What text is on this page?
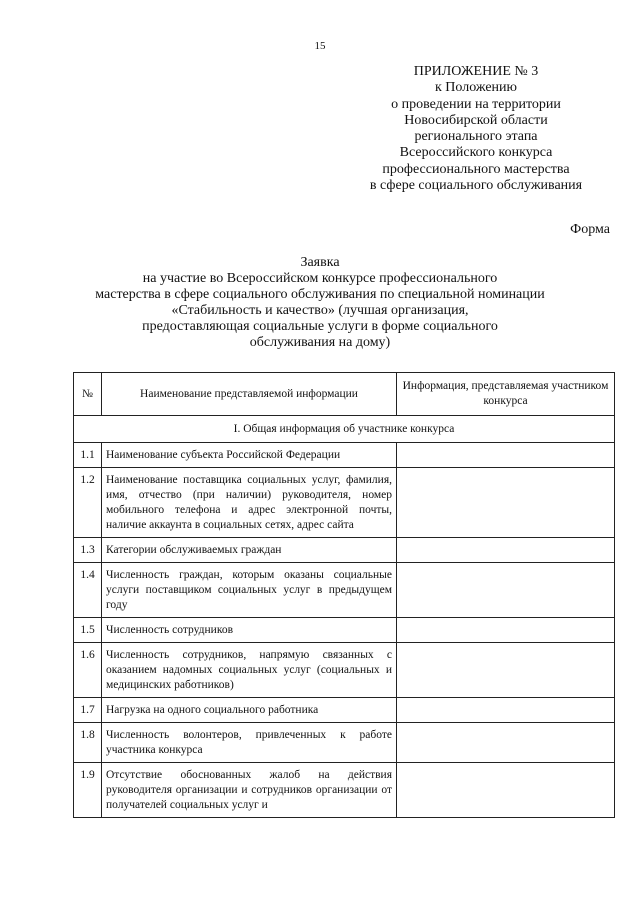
15
ПРИЛОЖЕНИЕ № 3
к Положению
о проведении на территории
Новосибирской области
регионального этапа
Всероссийского конкурса
профессионального мастерства
в сфере социального обслуживания
Форма
Заявка
на участие во Всероссийском конкурсе профессионального
мастерства в сфере социального обслуживания по специальной номинации
«Стабильность и качество» (лучшая организация,
предоставляющая социальные услуги в форме социального
обслуживания на дому)
№	Наименование представляемой информации	Информация, представляемая участником конкурса
I. Общая информация об участнике конкурса		
1.1	Наименование субъекта Российской Федерации	
1.2	Наименование поставщика социальных услуг, фамилия, имя, отчество (при наличии) руководителя, номер мобильного телефона и адрес электронной почты, наличие аккаунта в социальных сетях, адрес сайта	
1.3	Категории обслуживаемых граждан	
1.4	Численность граждан, которым оказаны социальные услуги поставщиком социальных услуг в предыдущем году	
1.5	Численность сотрудников	
1.6	Численность сотрудников, напрямую связанных с оказанием надомных социальных услуг (социальных и медицинских работников)	
1.7	Нагрузка на одного социального работника	
1.8	Численность волонтеров, привлеченных к работе участника конкурса	
1.9	Отсутствие обоснованных жалоб на действия руководителя организации и сотрудников организации от получателей социальных услуг и	
